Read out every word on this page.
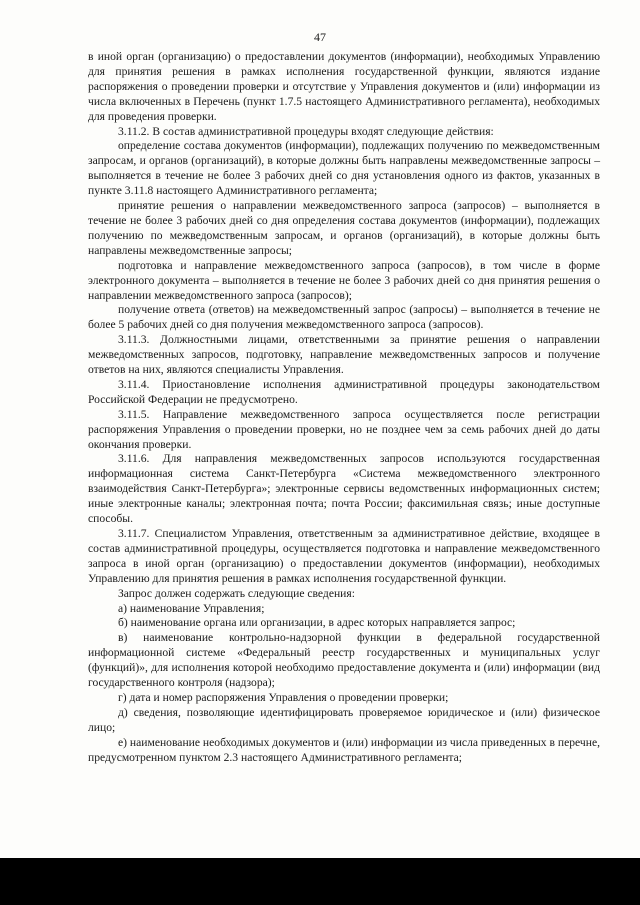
47

в иной орган (организацию) о предоставлении документов (информации), необходимых Управлению для принятия решения в рамках исполнения государственной функции, являются издание распоряжения о проведении проверки и отсутствие у Управления документов и (или) информации из числа включенных в Перечень (пункт 1.7.5 настоящего Административного регламента), необходимых для проведения проверки.

3.11.2. В состав административной процедуры входят следующие действия:

определение состава документов (информации), подлежащих получению по межведомственным запросам, и органов (организаций), в которые должны быть направлены межведомственные запросы – выполняется в течение не более 3 рабочих дней со дня установления одного из фактов, указанных в пункте 3.11.8 настоящего Административного регламента;

принятие решения о направлении межведомственного запроса (запросов) – выполняется в течение не более 3 рабочих дней со дня определения состава документов (информации), подлежащих получению по межведомственным запросам, и органов (организаций), в которые должны быть направлены межведомственные запросы;

подготовка и направление межведомственного запроса (запросов), в том числе в форме электронного документа – выполняется в течение не более 3 рабочих дней со дня принятия решения о направлении межведомственного запроса (запросов);

получение ответа (ответов) на межведомственный запрос (запросы) – выполняется в течение не более 5 рабочих дней со дня получения межведомственного запроса (запросов).

3.11.3. Должностными лицами, ответственными за принятие решения о направлении межведомственных запросов, подготовку, направление межведомственных запросов и получение ответов на них, являются специалисты Управления.

3.11.4. Приостановление исполнения административной процедуры законодательством Российской Федерации не предусмотрено.

3.11.5. Направление межведомственного запроса осуществляется после регистрации распоряжения Управления о проведении проверки, но не позднее чем за семь рабочих дней до даты окончания проверки.

3.11.6. Для направления межведомственных запросов используются государственная информационная система Санкт-Петербурга «Система межведомственного электронного взаимодействия Санкт-Петербурга»; электронные сервисы ведомственных информационных систем; иные электронные каналы; электронная почта; почта России; факсимильная связь; иные доступные способы.

3.11.7. Специалистом Управления, ответственным за административное действие, входящее в состав административной процедуры, осуществляется подготовка и направление межведомственного запроса в иной орган (организацию) о предоставлении документов (информации), необходимых Управлению для принятия решения в рамках исполнения государственной функции.

Запрос должен содержать следующие сведения:

а) наименование Управления;

б) наименование органа или организации, в адрес которых направляется запрос;

в) наименование контрольно-надзорной функции в федеральной государственной информационной системе «Федеральный реестр государственных и муниципальных услуг (функций)», для исполнения которой необходимо предоставление документа и (или) информации (вид государственного контроля (надзора);

г) дата и номер распоряжения Управления о проведении проверки;

д) сведения, позволяющие идентифицировать проверяемое юридическое и (или) физическое лицо;

е) наименование необходимых документов и (или) информации из числа приведенных в перечне, предусмотренном пунктом 2.3 настоящего Административного регламента;
